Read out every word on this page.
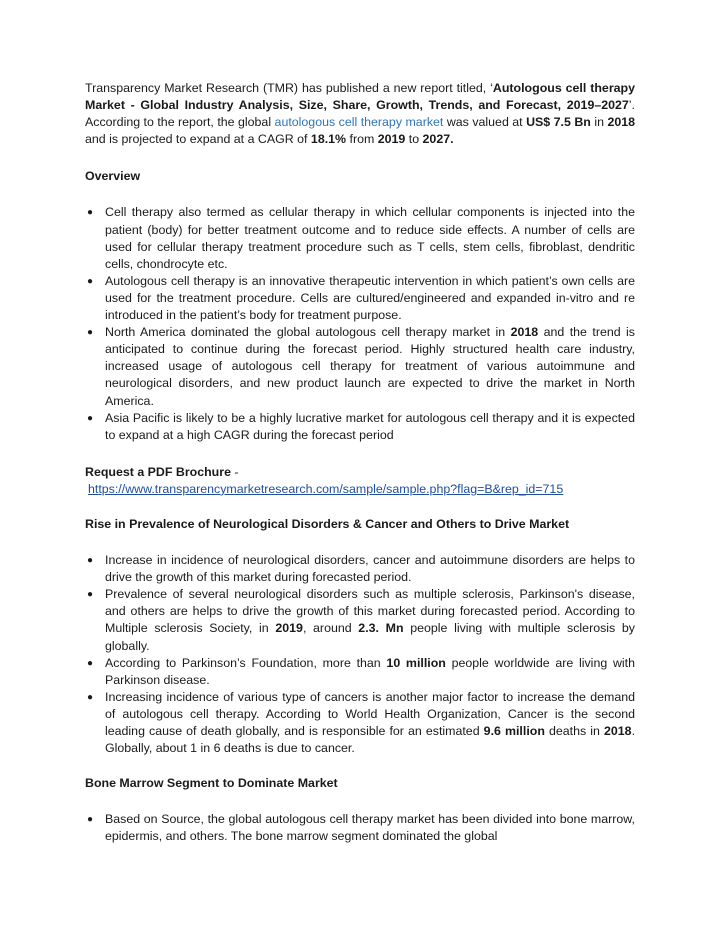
Transparency Market Research (TMR) has published a new report titled, ‘Autologous cell therapy Market - Global Industry Analysis, Size, Share, Growth, Trends, and Forecast, 2019–2027’. According to the report, the global autologous cell therapy market was valued at US$ 7.5 Bn in 2018 and is projected to expand at a CAGR of 18.1% from 2019 to 2027.

Overview

● Cell therapy also termed as cellular therapy in which cellular components is injected into the patient (body) for better treatment outcome and to reduce side effects. A number of cells are used for cellular therapy treatment procedure such as T cells, stem cells, fibroblast, dendritic cells, chondrocyte etc.
● Autologous cell therapy is an innovative therapeutic intervention in which patient’s own cells are used for the treatment procedure. Cells are cultured/engineered and expanded in-vitro and re introduced in the patient’s body for treatment purpose.
● North America dominated the global autologous cell therapy market in 2018 and the trend is anticipated to continue during the forecast period. Highly structured health care industry, increased usage of autologous cell therapy for treatment of various autoimmune and neurological disorders, and new product launch are expected to drive the market in North America.
● Asia Pacific is likely to be a highly lucrative market for autologous cell therapy and it is expected to expand at a high CAGR during the forecast period
Request a PDF Brochure -
https://www.transparencymarketresearch.com/sample/sample.php?flag=B&rep_id=715

Rise in Prevalence of Neurological Disorders & Cancer and Others to Drive Market

● Increase in incidence of neurological disorders, cancer and autoimmune disorders are helps to drive the growth of this market during forecasted period.
● Prevalence of several neurological disorders such as multiple sclerosis, Parkinson's disease, and others are helps to drive the growth of this market during forecasted period. According to Multiple sclerosis Society, in 2019, around 2.3. Mn people living with multiple sclerosis by globally.
● According to Parkinson’s Foundation, more than 10 million people worldwide are living with Parkinson disease.
● Increasing incidence of various type of cancers is another major factor to increase the demand of autologous cell therapy. According to World Health Organization, Cancer is the second leading cause of death globally, and is responsible for an estimated 9.6 million deaths in 2018. Globally, about 1 in 6 deaths is due to cancer.

Bone Marrow Segment to Dominate Market

● Based on Source, the global autologous cell therapy market has been divided into bone marrow, epidermis, and others. The bone marrow segment dominated the global
